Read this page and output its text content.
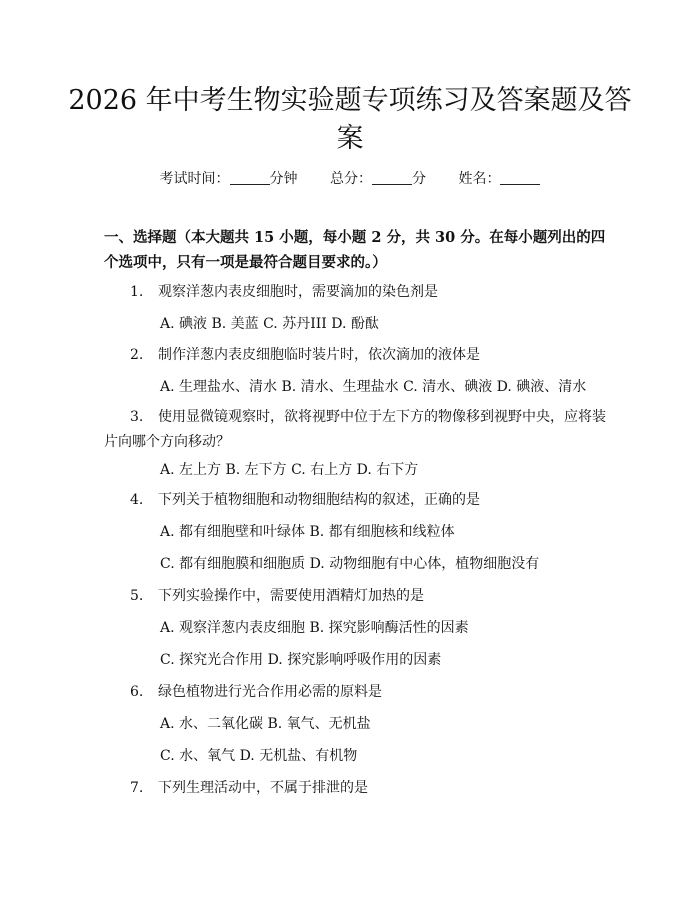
2026 年中考生物实验题专项练习及答案题及答案
考试时间：	分钟 总分：	分 姓名：
一、选择题（本大题共 15 小题，每小题 2 分，共 30 分。在每小题列出的四个选项中，只有一项是最符合题目要求的。）
1. 观察洋葱内表皮细胞时，需要滴加的染色剂是
A. 碘液 B. 美蓝 C. 苏丹III D. 酚酞
2. 制作洋葱内表皮细胞临时装片时，依次滴加的液体是
A. 生理盐水、清水 B. 清水、生理盐水 C. 清水、碘液 D. 碘液、清水
3. 使用显微镜观察时，欲将视野中位于左下方的物像移到视野中央，应将装片向哪个方向移动？
A. 左上方 B. 左下方 C. 右上方 D. 右下方
4. 下列关于植物细胞和动物细胞结构的叙述，正确的是
A. 都有细胞壁和叶绿体 B. 都有细胞核和线粒体
C. 都有细胞膜和细胞质 D. 动物细胞有中心体，植物细胞没有
5. 下列实验操作中，需要使用酒精灯加热的是
A. 观察洋葱内表皮细胞 B. 探究影响酶活性的因素
C. 探究光合作用 D. 探究影响呼吸作用的因素
6. 绿色植物进行光合作用必需的原料是
A. 水、二氧化碳 B. 氧气、无机盐
C. 水、氧气 D. 无机盐、有机物
7. 下列生理活动中，不属于排泄的是
